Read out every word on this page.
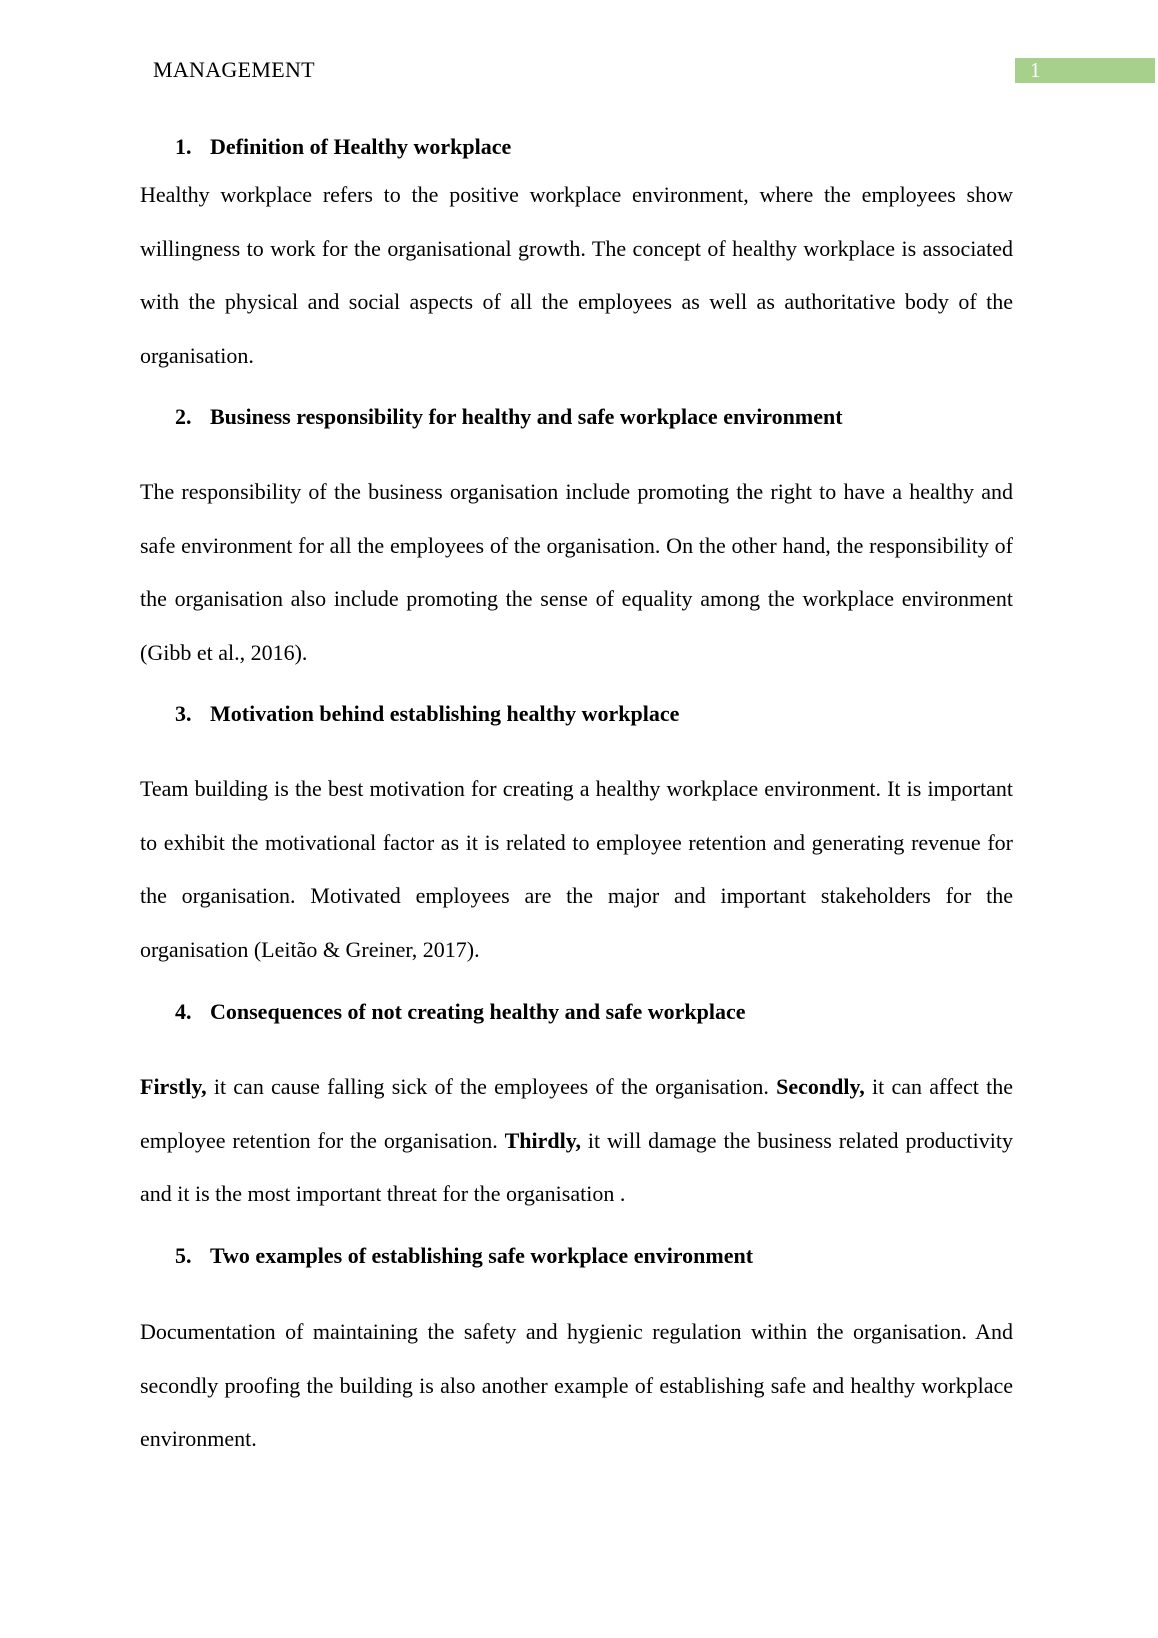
MANAGEMENT	1
1. Definition of Healthy workplace
Healthy workplace refers to the positive workplace environment, where the employees show willingness to work for the organisational growth. The concept of healthy workplace is associated with the physical and social aspects of all the employees as well as authoritative body of the organisation.
2. Business responsibility for healthy and safe workplace environment
The responsibility of the business organisation include promoting the right to have a healthy and safe environment for all the employees of the organisation. On the other hand, the responsibility of the organisation also include promoting the sense of equality among the workplace environment (Gibb et al., 2016).
3. Motivation behind establishing healthy workplace
Team building is the best motivation for creating a healthy workplace environment. It is important to exhibit the motivational factor as it is related to employee retention and generating revenue for the organisation. Motivated employees are the major and important stakeholders for the organisation (Leitão & Greiner, 2017).
4. Consequences of not creating healthy and safe workplace
Firstly, it can cause falling sick of the employees of the organisation. Secondly, it can affect the employee retention for the organisation. Thirdly, it will damage the business related productivity and it is the most important threat for the organisation .
5. Two examples of establishing safe workplace environment
Documentation of maintaining the safety and hygienic regulation within the organisation. And secondly proofing the building is also another example of establishing safe and healthy workplace environment.
